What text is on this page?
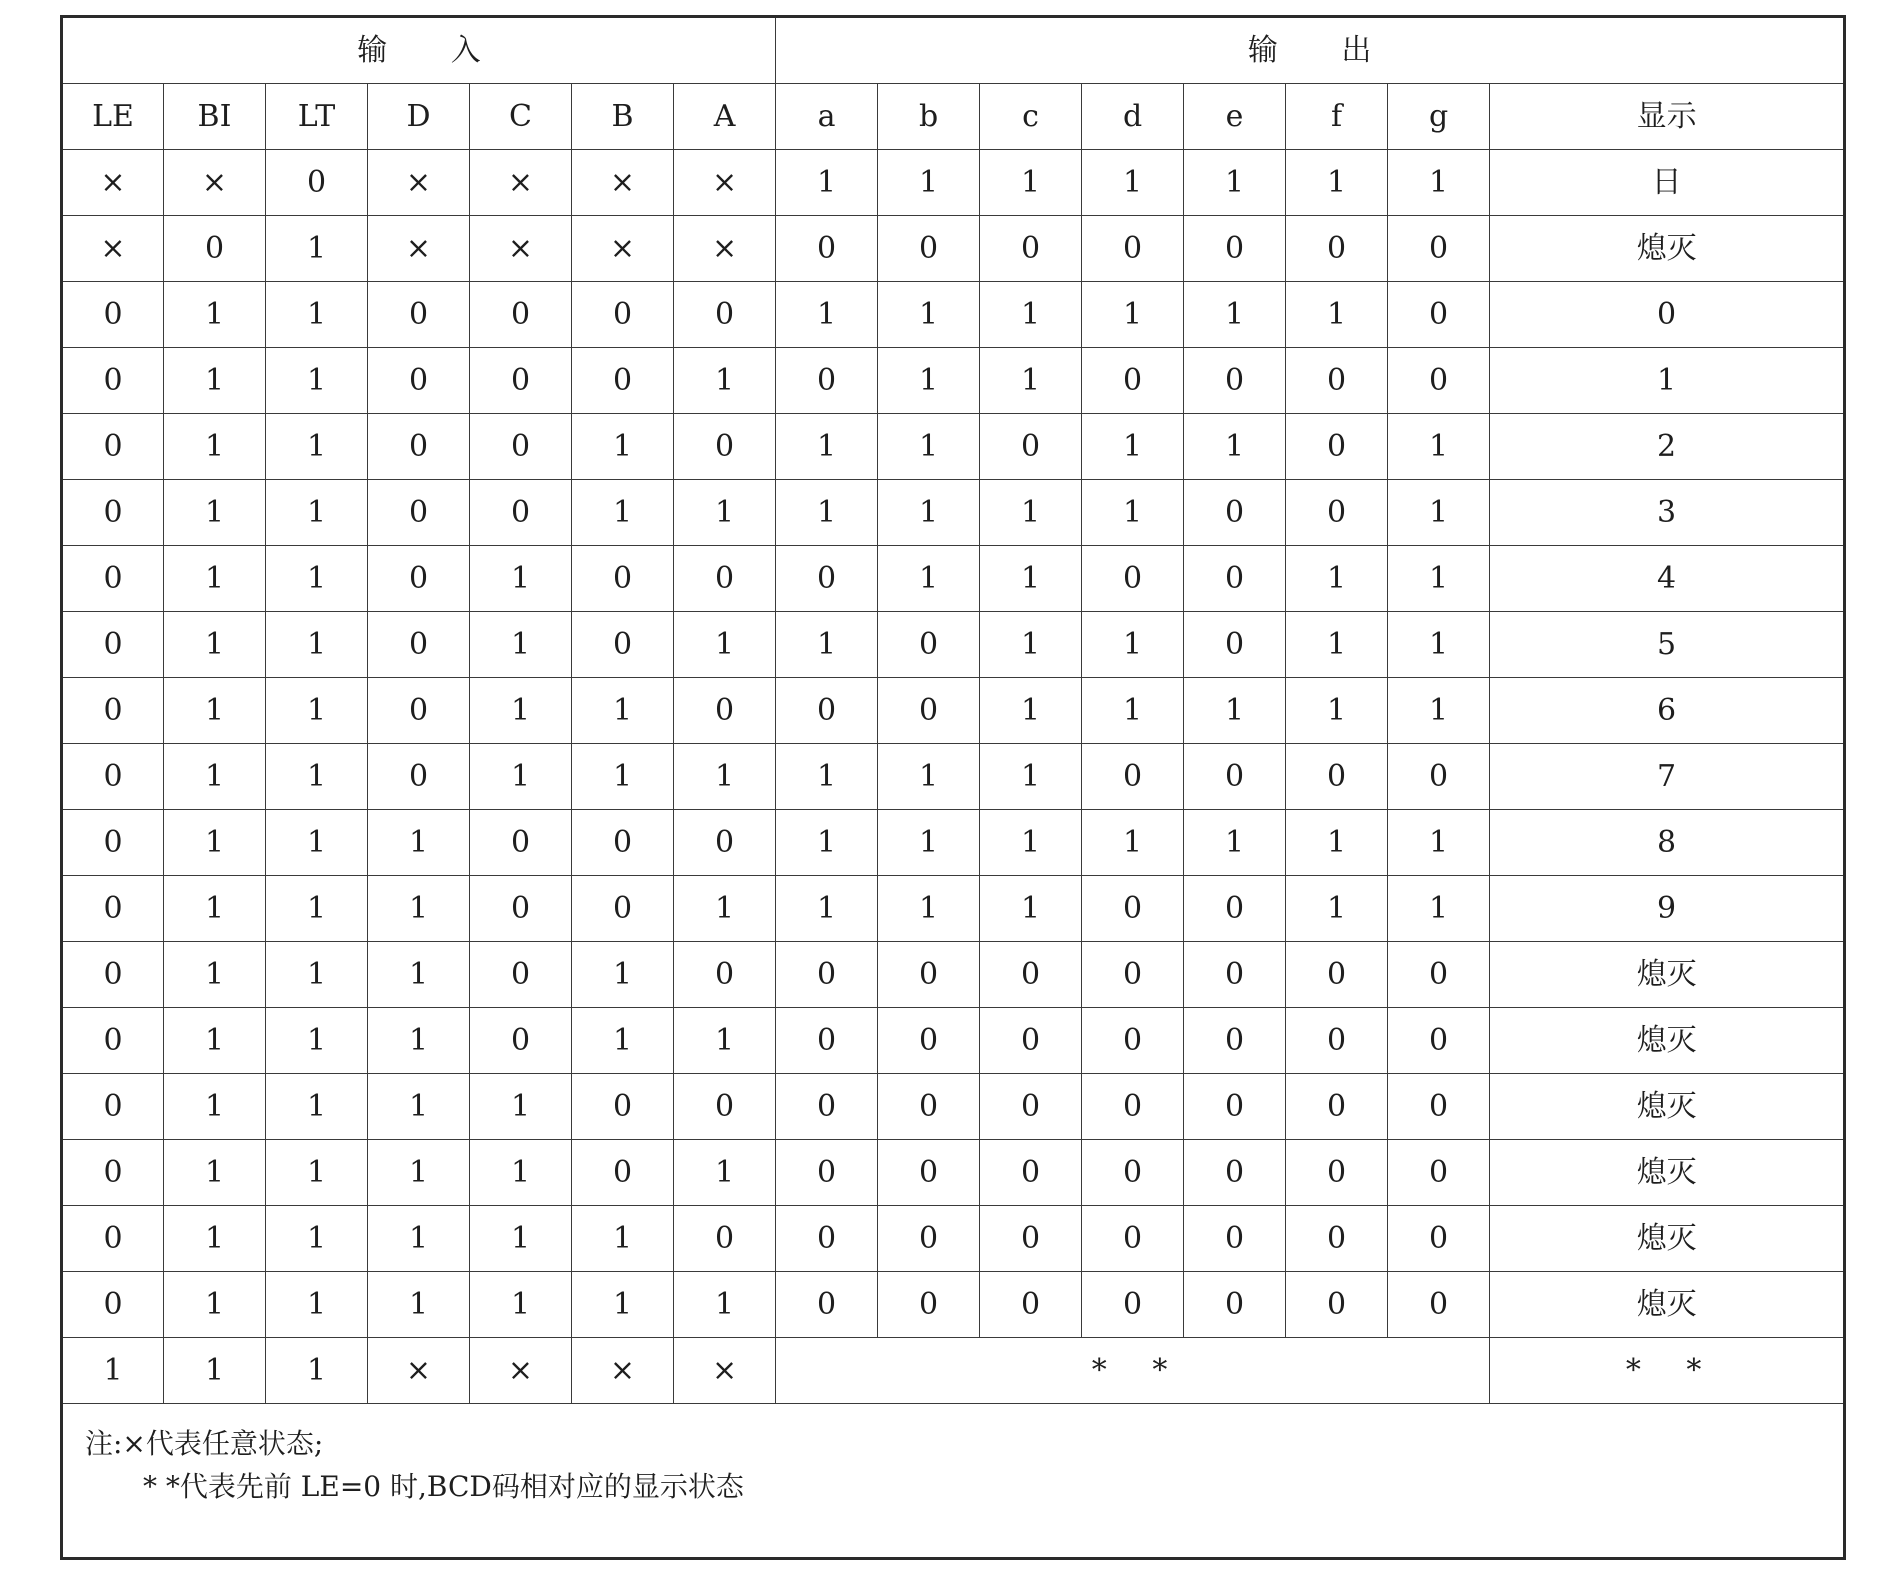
输 入							输 出							
LE	BI	LT	D	C	B	A	a	b	c	d	e	f	g	显示
×	×	0	×	×	×	×	1	1	1	1	1	1	1	日
×	0	1	×	×	×	×	0	0	0	0	0	0	0	熄灭
0	1	1	0	0	0	0	1	1	1	1	1	1	0	0
0	1	1	0	0	0	1	0	1	1	0	0	0	0	1
0	1	1	0	0	1	0	1	1	0	1	1	0	1	2
0	1	1	0	0	1	1	1	1	1	1	0	0	1	3
0	1	1	0	1	0	0	0	1	1	0	0	1	1	4
0	1	1	0	1	0	1	1	0	1	1	0	1	1	5
0	1	1	0	1	1	0	0	0	1	1	1	1	1	6
0	1	1	0	1	1	1	1	1	1	0	0	0	0	7
0	1	1	1	0	0	0	1	1	1	1	1	1	1	8
0	1	1	1	0	0	1	1	1	1	0	0	1	1	9
0	1	1	1	0	1	0	0	0	0	0	0	0	0	熄灭
0	1	1	1	0	1	1	0	0	0	0	0	0	0	熄灭
0	1	1	1	1	0	0	0	0	0	0	0	0	0	熄灭
0	1	1	1	1	0	1	0	0	0	0	0	0	0	熄灭
0	1	1	1	1	1	0	0	0	0	0	0	0	0	熄灭
0	1	1	1	1	1	1	0	0	0	0	0	0	0	熄灭
1	1	1	×	×	×	×	* *							* *

注:×代表任意状态;
* *代表先前 LE=0 时,BCD码相对应的显示状态														
